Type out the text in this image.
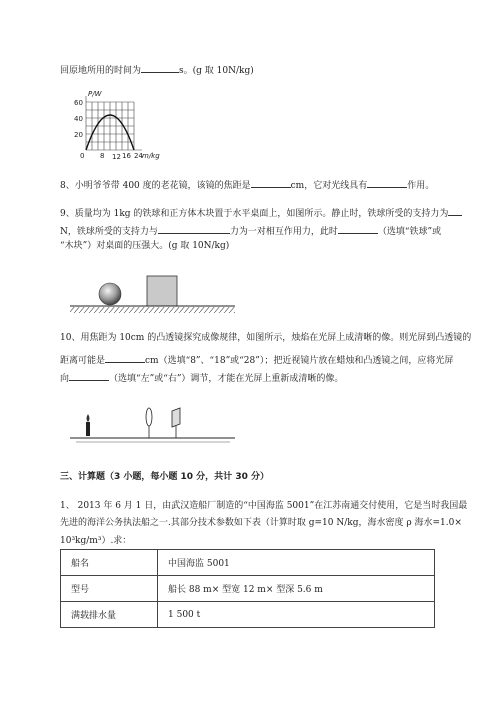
回原地所用的时间为	s。(g 取 10N/kg)
P/W
60
40
20
0 8 12 16 24 m/kg
8、小明爷爷带 400 度的老花镜，该镜的焦距是	cm，它对光线具有	作用。
9、质量均为 1kg 的铁球和正方体木块置于水平桌面上，如图所示。静止时，铁球所受的支持力为
N，铁球所受的支持力与	力为一对相互作用力，此时	（选填“铁球”或
“木块”）对桌面的压强大。(g 取 10N/kg)
10、用焦距为 10cm 的凸透镜探究成像规律，如图所示，烛焰在光屏上成清晰的像。则光屏到凸透镜的
距离可能是	cm（选填“8”、“18”或“28”）；把近视镜片放在蜡烛和凸透镜之间，应将光屏
向	（选填“左”或“右”）调节，才能在光屏上重新成清晰的像。
三、计算题（3 小题，每小题 10 分，共计 30 分）
1、 2013 年 6 月 1 日，由武汉造船厂制造的“中国海监 5001”在江苏南通交付使用，它是当时我国最
先进的海洋公务执法船之一.其部分技术参数如下表（计算时取 g=10 N/kg，海水密度 ρ 海水=1.0×
10³kg/m³）.求：
船名	中国海监 5001
型号	船长 88 m× 型宽 12 m× 型深 5.6 m
满载排水量	1 500 t
